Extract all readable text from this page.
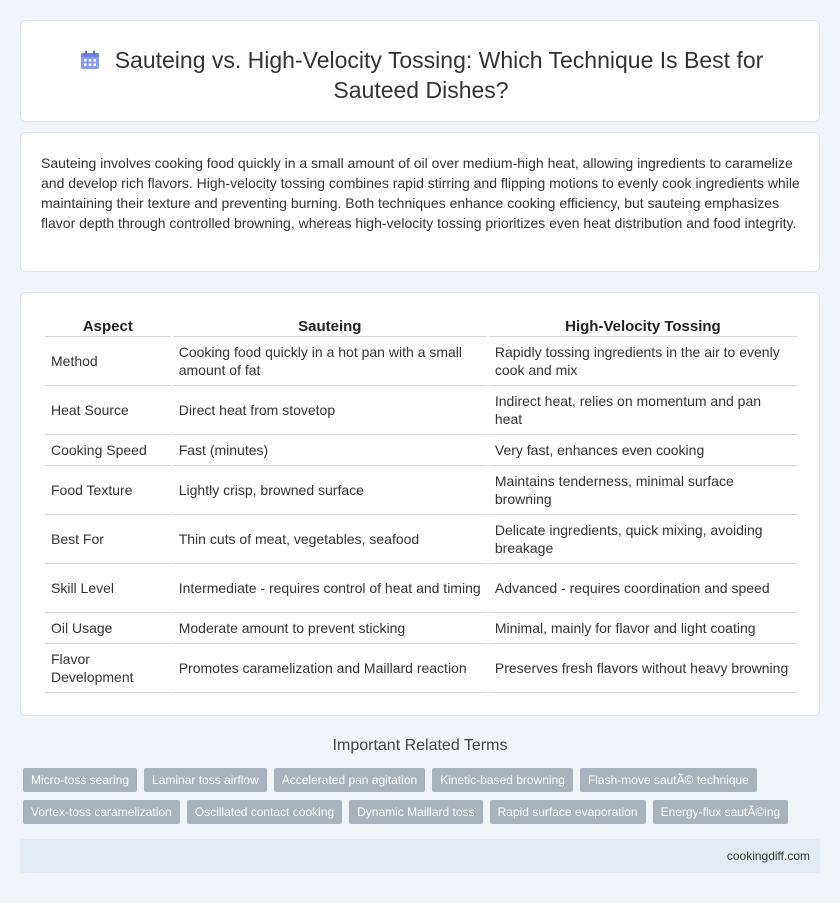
Sauteing vs. High-Velocity Tossing: Which Technique Is Best for Sauteed Dishes?

Sauteing involves cooking food quickly in a small amount of oil over medium-high heat, allowing ingredients to caramelize and develop rich flavors. High-velocity tossing combines rapid stirring and flipping motions to evenly cook ingredients while maintaining their texture and preventing burning. Both techniques enhance cooking efficiency, but sauteing emphasizes flavor depth through controlled browning, whereas high-velocity tossing prioritizes even heat distribution and food integrity.

Aspect	Sauteing	High-Velocity Tossing
Method	Cooking food quickly in a hot pan with a small amount of fat	Rapidly tossing ingredients in the air to evenly cook and mix
Heat Source	Direct heat from stovetop	Indirect heat, relies on momentum and pan heat
Cooking Speed	Fast (minutes)	Very fast, enhances even cooking
Food Texture	Lightly crisp, browned surface	Maintains tenderness, minimal surface browning
Best For	Thin cuts of meat, vegetables, seafood	Delicate ingredients, quick mixing, avoiding breakage
Skill Level	Intermediate - requires control of heat and timing	Advanced - requires coordination and speed
Oil Usage	Moderate amount to prevent sticking	Minimal, mainly for flavor and light coating
Flavor Development	Promotes caramelization and Maillard reaction	Preserves fresh flavors without heavy browning
Important Related Terms
Micro-toss searing	Laminar toss airflow	Accelerated pan agitation	Kinetic-based browning	Flash-move sautÃ© technique
Vortex-toss caramelization	Oscillated contact cooking	Dynamic Maillard toss	Rapid surface evaporation	Energy-flux sautÃ©ing
cookingdiff.com
